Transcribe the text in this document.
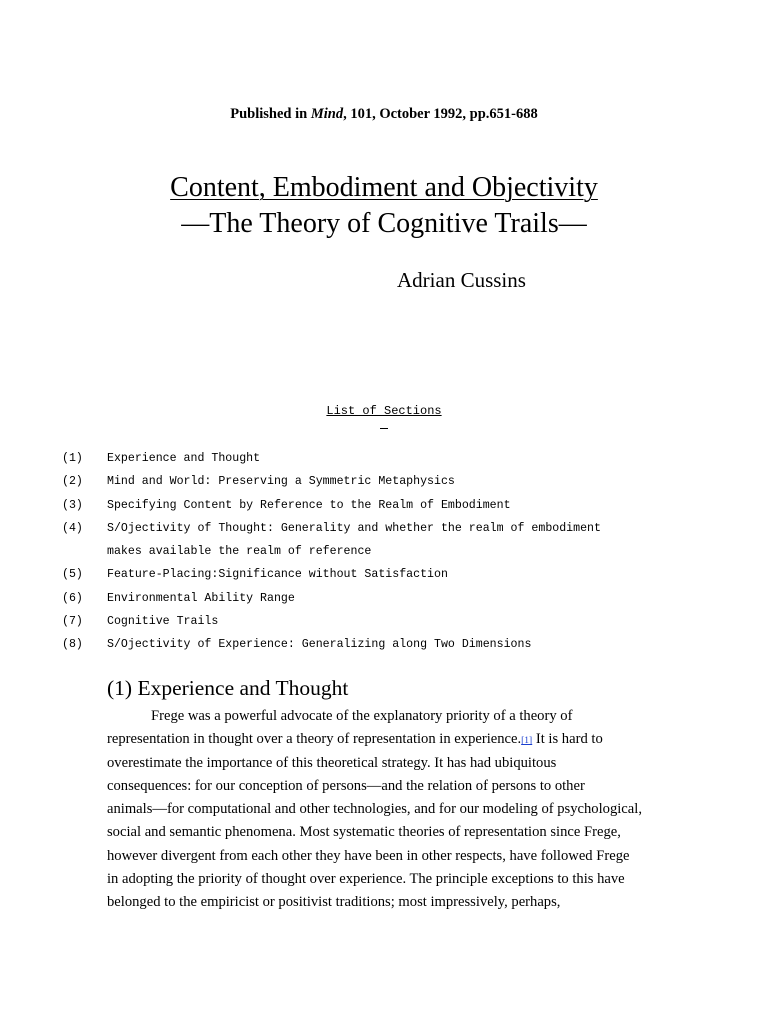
Published in Mind, 101, October 1992, pp.651-688
Content, Embodiment and Objectivity
—The Theory of Cognitive Trails—
Adrian Cussins
List of Sections
(1)	Experience and Thought
(2)	Mind and World: Preserving a Symmetric Metaphysics
(3)	Specifying Content by Reference to the Realm of Embodiment
(4)	S/Ojectivity of Thought: Generality and whether the realm of embodiment
makes available the realm of reference
(5)	Feature-Placing:Significance without Satisfaction
(6)	Environmental Ability Range
(7)	Cognitive Trails
(8)	S/Ojectivity of Experience: Generalizing along Two Dimensions
(1) Experience and Thought
Frege was a powerful advocate of the explanatory priority of a theory of
representation in thought over a theory of representation in experience.[1] It is hard to
overestimate the importance of this theoretical strategy. It has had ubiquitous
consequences: for our conception of persons—and the relation of persons to other
animals—for computational and other technologies, and for our modeling of psychological,
social and semantic phenomena. Most systematic theories of representation since Frege,
however divergent from each other they have been in other respects, have followed Frege
in adopting the priority of thought over experience. The principle exceptions to this have
belonged to the empiricist or positivist traditions; most impressively, perhaps,
